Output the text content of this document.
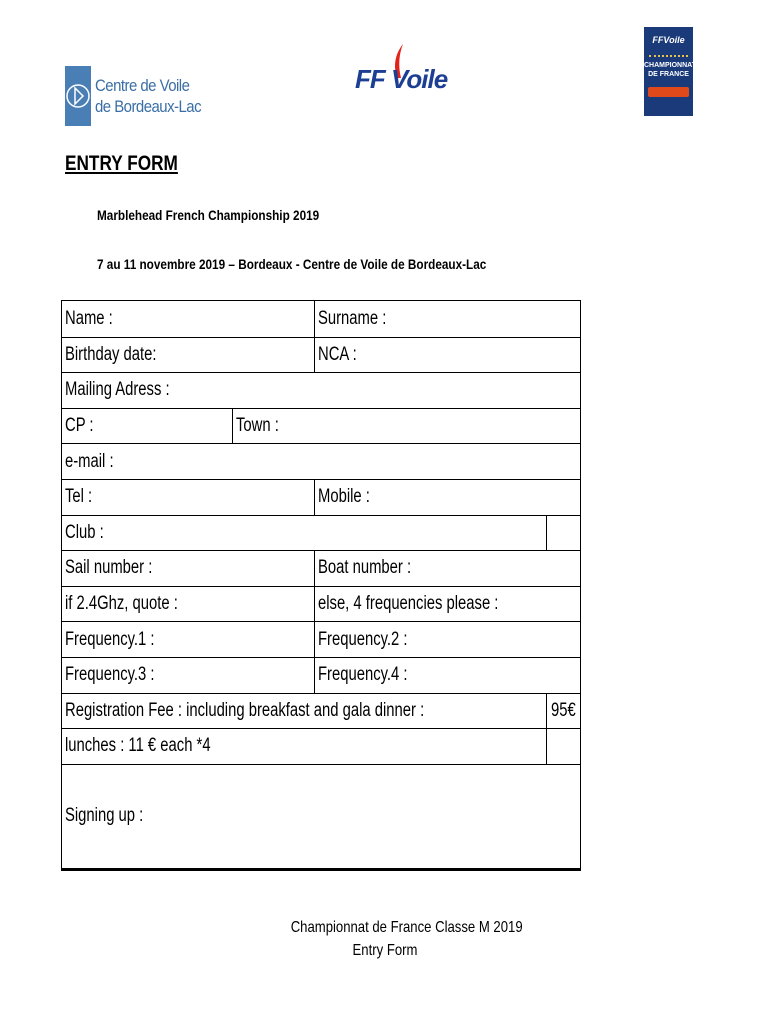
Centre de Voile
de Bordeaux-Lac
FF Voile
FFVoile
CHAMPIONNAT
DE FRANCE
ENTRY FORM
Marblehead French Championship 2019
7 au 11 novembre 2019 – Bordeaux - Centre de Voile de Bordeaux-Lac
Name :	Surname :
Birthday date:	NCA :
Mailing Adress :
CP :	Town :
e-mail :
Tel :	Mobile :
Club :
Sail number :	Boat number :
if 2.4Ghz, quote :	else, 4 frequencies please :
Frequency.1 :	Frequency.2 :
Frequency.3 :	Frequency.4 :
Registration Fee : including breakfast and gala dinner :	95€
lunches : 11 € each *4
Signing up :
Championnat de France Classe M 2019
Entry Form
